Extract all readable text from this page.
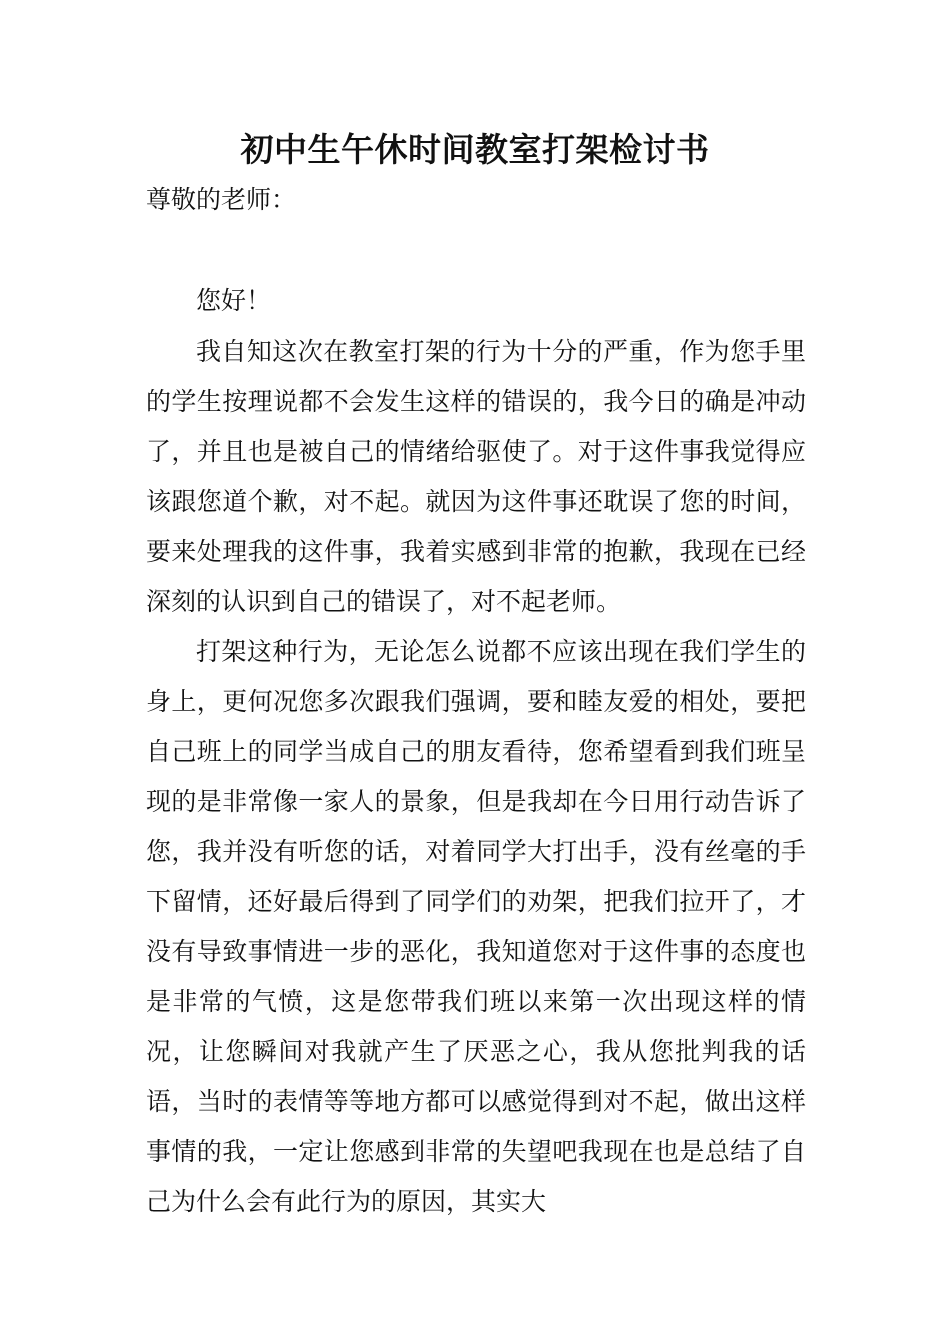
初中生午休时间教室打架检讨书

尊敬的老师：

您好！

我自知这次在教室打架的行为十分的严重，作为您手里的学生按理说都不会发生这样的错误的，我今日的确是冲动了，并且也是被自己的情绪给驱使了。对于这件事我觉得应该跟您道个歉，对不起。就因为这件事还耽误了您的时间，要来处理我的这件事，我着实感到非常的抱歉，我现在已经深刻的认识到自己的错误了，对不起老师。

打架这种行为，无论怎么说都不应该出现在我们学生的身上，更何况您多次跟我们强调，要和睦友爱的相处，要把自己班上的同学当成自己的朋友看待，您希望看到我们班呈现的是非常像一家人的景象，但是我却在今日用行动告诉了您，我并没有听您的话，对着同学大打出手，没有丝毫的手下留情，还好最后得到了同学们的劝架，把我们拉开了，才没有导致事情进一步的恶化，我知道您对于这件事的态度也是非常的气愤，这是您带我们班以来第一次出现这样的情况，让您瞬间对我就产生了厌恶之心，我从您批判我的话语，当时的表情等等地方都可以感觉得到对不起，做出这样事情的我，一定让您感到非常的失望吧我现在也是总结了自己为什么会有此行为的原因，其实大
